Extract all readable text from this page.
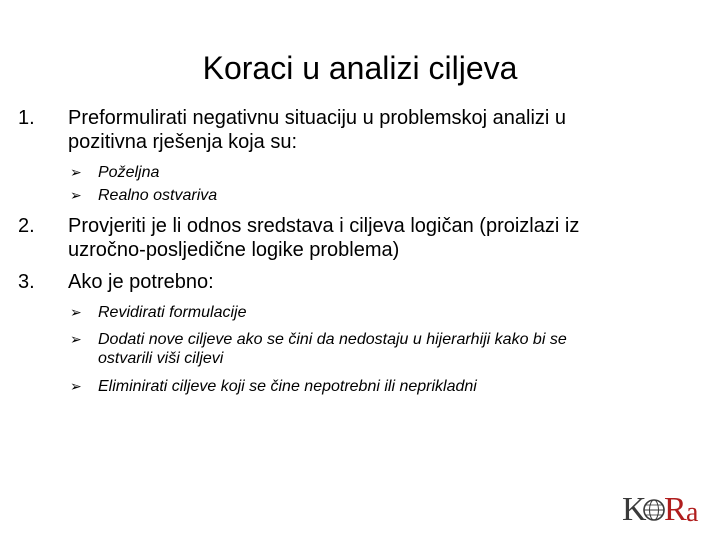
Koraci u analizi ciljeva
1.	Preformulirati negativnu situaciju u problemskoj analizi u
pozitivna rješenja koja su:
➢	Poželjna
➢	Realno ostvariva
2.	Provjeriti je li odnos sredstava i ciljeva logičan (proizlazi iz
uzročno-posljedične logike problema)
3.	Ako je potrebno:
➢	Revidirati formulacije
➢	Dodati nove ciljeve ako se čini da nedostaju u hijerarhiji kako bi se
ostvarili viši ciljevi
➢	Eliminirati ciljeve koji se čine nepotrebni ili neprikladni
K R a
